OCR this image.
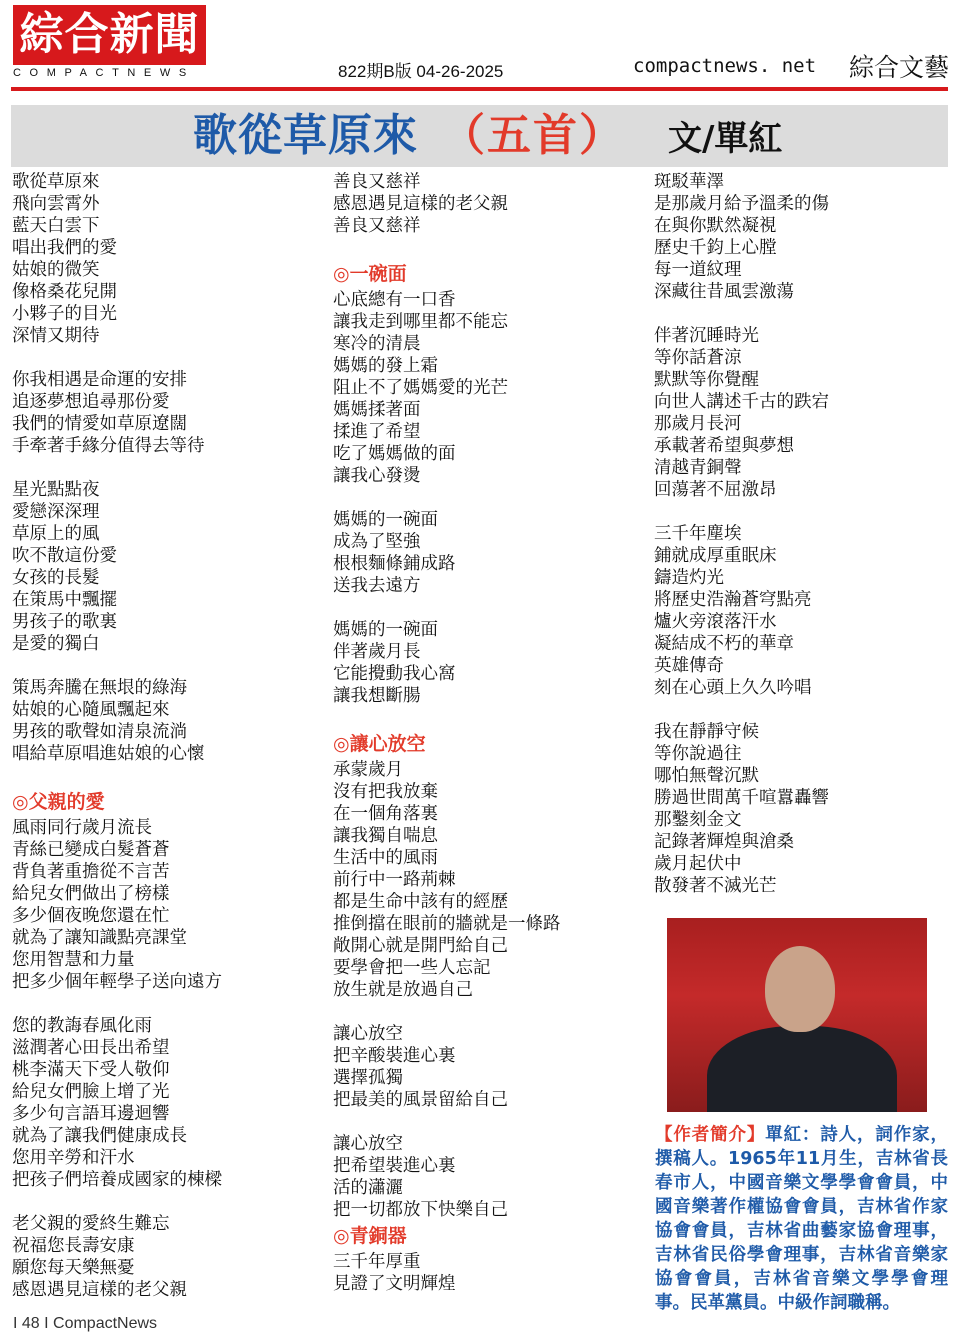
綜合新聞
COMPACTNEWS	822期B版 04-26-2025	compactnews. net 綜合文藝
歌從草原來 （五首） 文/單紅
歌從草原來
飛向雲霄外
藍天白雲下
唱出我們的愛
姑娘的微笑
像格桑花兒開
小夥子的目光
深情又期待
你我相遇是命運的安排
追逐夢想追尋那份愛
我們的情愛如草原遼闊
手牽著手緣分值得去等待
星光點點夜
愛戀深深理
草原上的風
吹不散這份愛
女孩的長髮
在策馬中飄擺
男孩子的歌裏
是愛的獨白
策馬奔騰在無垠的綠海
姑娘的心隨風飄起來
男孩的歌聲如清泉流淌
唱給草原唱進姑娘的心懷
◎父親的愛
風雨同行歲月流長
青絲已變成白髮蒼蒼
背負著重擔從不言苦
給兒女們做出了榜樣
多少個夜晚您還在忙
就為了讓知識點亮課堂
您用智慧和力量
把多少個年輕學子送向遠方
您的教誨春風化雨
滋潤著心田長出希望
桃李滿天下受人敬仰
給兒女們臉上增了光
多少句言語耳邊迴響
就為了讓我們健康成長
您用辛勞和汗水
把孩子們培養成國家的棟樑
老父親的愛終生難忘
祝福您長壽安康
願您每天樂無憂
感恩遇見這樣的老父親
善良又慈祥
感恩遇見這樣的老父親
善良又慈祥
◎一碗面
心底總有一口香
讓我走到哪里都不能忘
寒冷的清晨
媽媽的發上霜
阻止不了媽媽愛的光芒
媽媽揉著面
揉進了希望
吃了媽媽做的面
讓我心發燙
媽媽的一碗面
成為了堅強
根根麵條鋪成路
送我去遠方
媽媽的一碗面
伴著歲月長
它能攪動我心窩
讓我想斷腸
◎讓心放空
承蒙歲月
沒有把我放棄
在一個角落裏
讓我獨自喘息
生活中的風雨
前行中一路荊棘
都是生命中該有的經歷
推倒擋在眼前的牆就是一條路
敞開心就是開門給自己
要學會把一些人忘記
放生就是放過自己
讓心放空
把辛酸裝進心裏
選擇孤獨
把最美的風景留給自己
讓心放空
把希望裝進心裏
活的瀟灑
把一切都放下快樂自己
◎青銅器
三千年厚重
見證了文明輝煌
斑駁華澤
是那歲月給予溫柔的傷
在與你默然凝視
歷史千鈞上心膛
每一道紋理
深藏往昔風雲激蕩
伴著沉睡時光
等你話蒼涼
默默等你覺醒
向世人講述千古的跌宕
那歲月長河
承載著希望與夢想
清越青銅聲
回蕩著不屈激昂
三千年塵埃
鋪就成厚重眠床
鑄造灼光
將歷史浩瀚蒼穹點亮
爐火旁滾落汗水
凝結成不朽的華章
英雄傳奇
刻在心頭上久久吟唱
我在靜靜守候
等你說過往
哪怕無聲沉默
勝過世間萬千喧囂轟響
那鑿刻金文
記錄著輝煌與滄桑
歲月起伏中
散發著不滅光芒
【作者簡介】單紅：詩人，詞作家，撰稿人。1965年11月生，吉林省長春市人，中國音樂文學學會會員，中國音樂著作權協會會員，吉林省作家協會會員，吉林省曲藝家協會理事，吉林省民俗學會理事，吉林省音樂家協會會員，吉林省音樂文學學會理事。民革黨員。中級作詞職稱。
I 48 I CompactNews
